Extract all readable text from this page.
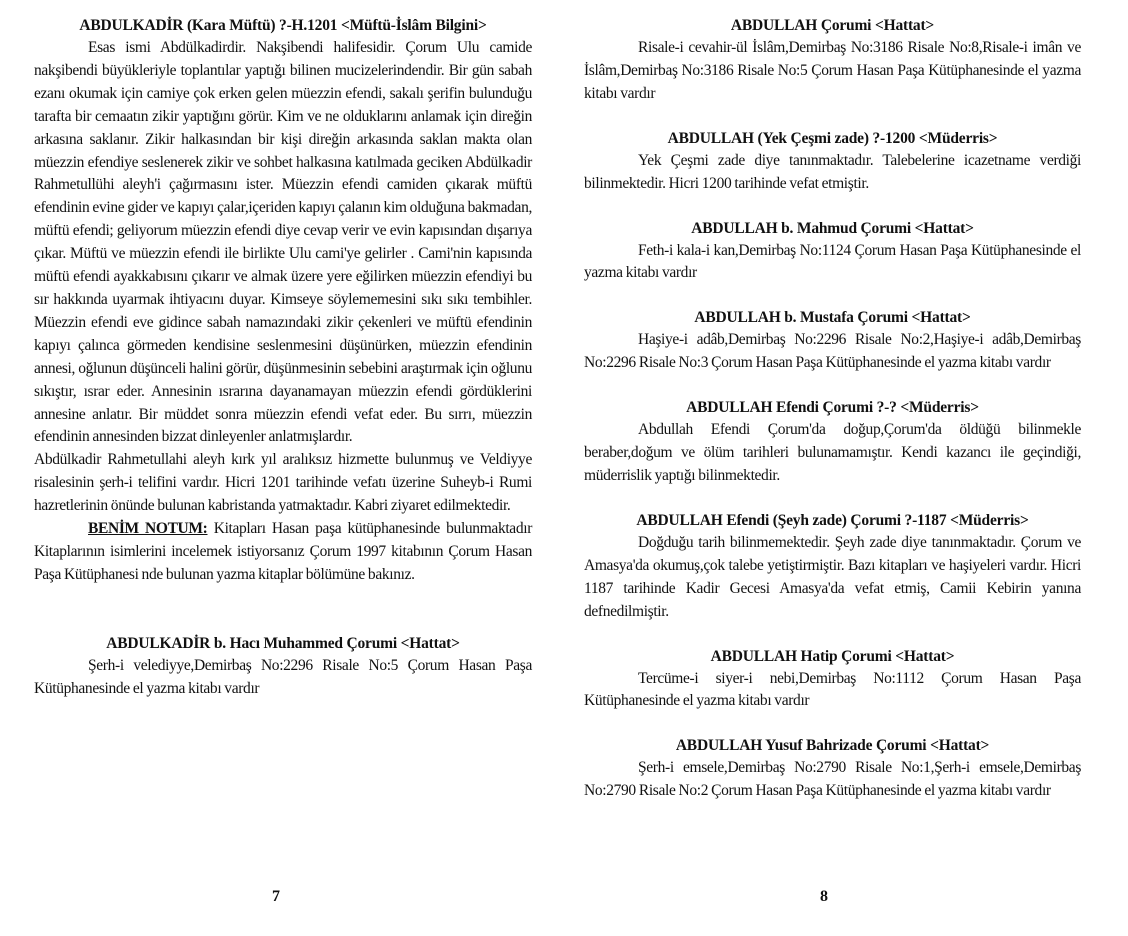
ABDULKADİR (Kara Müftü) ?-H.1201 <Müftü-İslâm Bilgini>

Esas ismi Abdülkadirdir. Nakşibendi halifesidir. Çorum Ulu camide nakşibendi büyükleriyle toplantılar yaptığı bilinen mucizelerindendir. Bir gün sabah ezanı okumak için camiye çok erken gelen müezzin efendi, sakalı şerifin bulunduğu tarafta bir cemaatın zikir yaptığını görür. Kim ve ne olduklarını anlamak için direğin arkasına saklanır. Zikir halkasından bir kişi direğin arkasında saklan makta olan müezzin efendiye seslenerek zikir ve sohbet halkasına katılmada geciken Abdülkadir Rahmetullühi aleyh'i çağırmasını ister. Müezzin efendi camiden çıkarak müftü efendinin evine gider ve kapıyı çalar,içeriden kapıyı çalanın kim olduğuna bakmadan, müftü efendi; geliyorum müezzin efendi diye cevap verir ve evin kapısından dışarıya çıkar. Müftü ve müezzin efendi ile birlikte Ulu cami'ye gelirler . Cami'nin kapısında müftü efendi ayakkabısını çıkarır ve almak üzere yere eğilirken müezzin efendiyi bu sır hakkında uyarmak ihtiyacını duyar. Kimseye söylememesini sıkı sıkı tembihler. Müezzin efendi eve gidince sabah namazındaki zikir çekenleri ve müftü efendinin kapıyı çalınca görmeden kendisine seslenmesini düşünürken, müezzin efendinin annesi, oğlunun düşünceli halini görür, düşünmesinin sebebini araştırmak için oğlunu sıkıştır, ısrar eder. Annesinin ısrarına dayanamayan müezzin efendi gördüklerini annesine anlatır. Bir müddet sonra müezzin efendi vefat eder. Bu sırrı, müezzin efendinin annesinden bizzat dinleyenler anlatmışlardır.

Abdülkadir Rahmetullahi aleyh kırk yıl aralıksız hizmette bulunmuş ve Veldiyye risalesinin şerh-i telifini vardır. Hicri 1201 tarihinde vefatı üzerine Suheyb-i Rumi hazretlerinin önünde bulunan kabristanda yatmaktadır. Kabri ziyaret edilmektedir.

BENİM NOTUM: Kitapları Hasan paşa kütüphanesinde bulunmaktadır Kitaplarının isimlerini incelemek istiyorsanız Çorum 1997 kitabının Çorum Hasan Paşa Kütüphanesi nde bulunan yazma kitaplar bölümüne bakınız.

ABDULKADİR b. Hacı Muhammed Çorumi <Hattat>

Şerh-i velediyye,Demirbaş No:2296 Risale No:5 Çorum Hasan Paşa Kütüphanesinde el yazma kitabı vardır

ABDULLAH Çorumi <Hattat>

Risale-i cevahir-ül İslâm,Demirbaş No:3186 Risale No:8,Risale-i imân ve İslâm,Demirbaş No:3186 Risale No:5 Çorum Hasan Paşa Kütüphanesinde el yazma kitabı vardır

ABDULLAH (Yek Çeşmi zade) ?-1200 <Müderris>

Yek Çeşmi zade diye tanınmaktadır. Talebelerine icazetname verdiği bilinmektedir. Hicri 1200 tarihinde vefat etmiştir.

ABDULLAH b. Mahmud Çorumi <Hattat>

Feth-i kala-i kan,Demirbaş No:1124 Çorum Hasan Paşa Kütüphanesinde el yazma kitabı vardır

ABDULLAH b. Mustafa Çorumi <Hattat>

Haşiye-i adâb,Demirbaş No:2296 Risale No:2,Haşiye-i adâb,Demirbaş No:2296 Risale No:3 Çorum Hasan Paşa Kütüphanesinde el yazma kitabı vardır

ABDULLAH Efendi Çorumi ?-? <Müderris>

Abdullah Efendi Çorum'da doğup,Çorum'da öldüğü bilinmekle beraber,doğum ve ölüm tarihleri bulunamamıştır. Kendi kazancı ile geçindiği, müderrislik yaptığı bilinmektedir.

ABDULLAH Efendi (Şeyh zade) Çorumi ?-1187 <Müderris>

Doğduğu tarih bilinmemektedir. Şeyh zade diye tanınmaktadır. Çorum ve Amasya'da okumuş,çok talebe yetiştirmiştir. Bazı kitapları ve haşiyeleri vardır. Hicri 1187 tarihinde Kadir Gecesi Amasya'da vefat etmiş, Camii Kebirin yanına defnedilmiştir.

ABDULLAH Hatip Çorumi <Hattat>

Tercüme-i siyer-i nebi,Demirbaş No:1112 Çorum Hasan Paşa Kütüphanesinde el yazma kitabı vardır

ABDULLAH Yusuf Bahrizade Çorumi <Hattat>

Şerh-i emsele,Demirbaş No:2790 Risale No:1,Şerh-i emsele,Demirbaş No:2790 Risale No:2 Çorum Hasan Paşa Kütüphanesinde el yazma kitabı vardır

7	8
